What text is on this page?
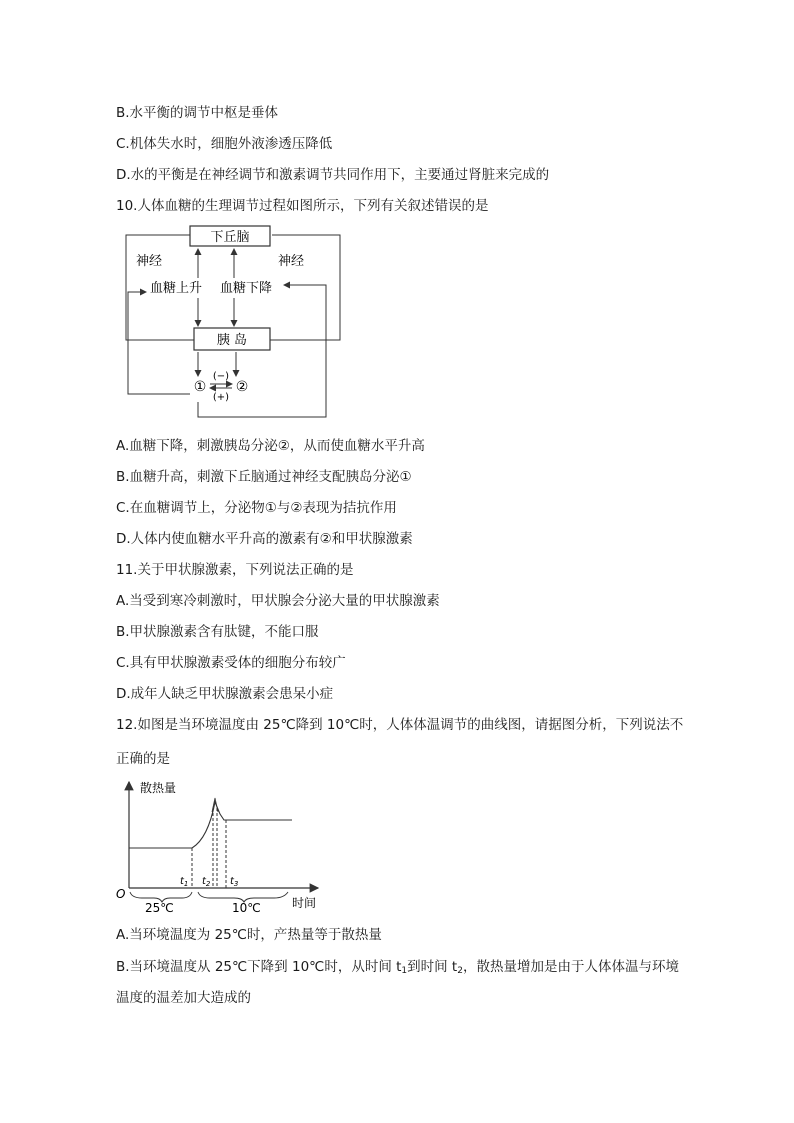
B.水平衡的调节中枢是垂体
C.机体失水时，细胞外液渗透压降低
D.水的平衡是在神经调节和激素调节共同作用下，主要通过肾脏来完成的
10.人体血糖的生理调节过程如图所示，下列有关叙述错误的是
下丘脑
神经	神经
血糖上升 血糖下降
胰 岛
① ②
(−)
(+)
A.血糖下降，刺激胰岛分泌②，从而使血糖水平升高
B.血糖升高，刺激下丘脑通过神经支配胰岛分泌①
C.在血糖调节上，分泌物①与②表现为拮抗作用
D.人体内使血糖水平升高的激素有②和甲状腺激素
11.关于甲状腺激素，下列说法正确的是
A.当受到寒冷刺激时，甲状腺会分泌大量的甲状腺激素
B.甲状腺激素含有肽键，不能口服
C.具有甲状腺激素受体的细胞分布较广
D.成年人缺乏甲状腺激素会患呆小症
12.如图是当环境温度由 25℃降到 10℃时，人体体温调节的曲线图，请据图分析，下列说法不
正确的是
散热量
O
时间
$t_1$ $t_2$ $t_3$
25℃	10℃
A.当环境温度为 25℃时，产热量等于散热量
B.当环境温度从 25℃下降到 10℃时，从时间 $t_1$到时间 $t_2$，散热量增加是由于人体体温与环境
温度的温差加大造成的
